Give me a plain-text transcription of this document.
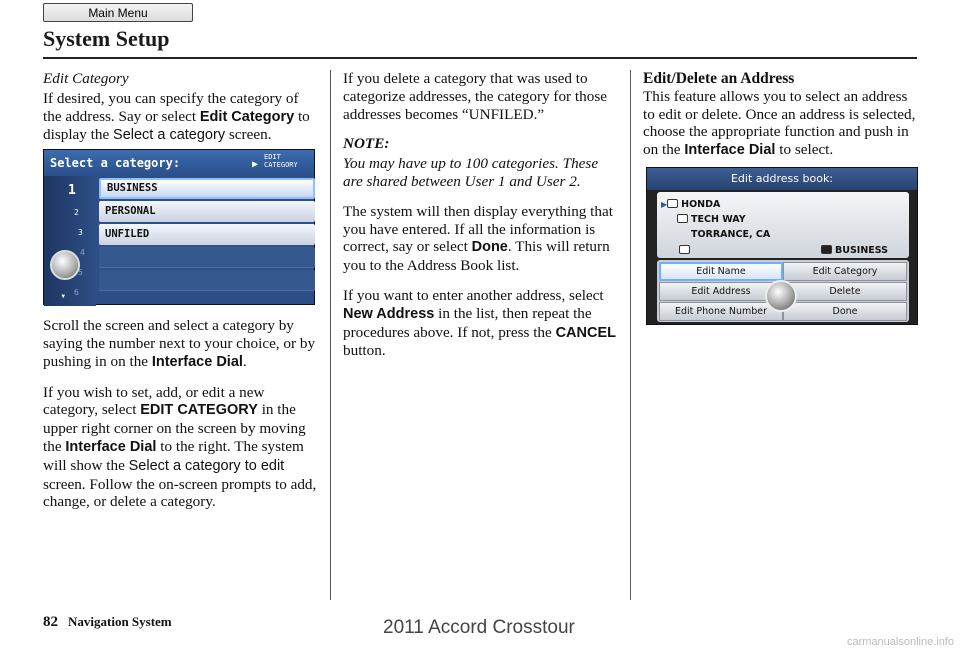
Main Menu
System Setup

Edit Category

If desired, you can specify the category of the address. Say or select Edit Category to display the Select a category screen.

Select a category:	▶
EDIT CATEGORY
1
2
3
4
5
6
▼
DOWN
BUSINESS
PERSONAL
UNFILED

Scroll the screen and select a category by saying the number next to your choice, or by pushing in on the Interface Dial.

If you wish to set, add, or edit a new category, select EDIT CATEGORY in the upper right corner on the screen by moving the Interface Dial to the right. The system will show the Select a category to edit screen. Follow the on-screen prompts to add, change, or delete a category.

If you delete a category that was used to categorize addresses, the category for those addresses becomes “UNFILED.”

NOTE:

You may have up to 100 categories. These are shared between User 1 and User 2.

The system will then display everything that you have entered. If all the information is correct, say or select Done. This will return you to the Address Book list.

If you want to enter another address, select New Address in the list, then repeat the procedures above. If not, press the CANCEL button.

Edit/Delete an Address

This feature allows you to select an address to edit or delete. Once an address is selected, choose the appropriate function and push in on the Interface Dial to select.

Edit address book:
▶ HONDA
TECH WAY
TORRANCE, CA
BUSINESS
Edit Name	Edit Category
Edit Address	Delete
Edit Phone Number	Done
82 Navigation System	2011 Accord Crosstour
carmanualsonline.info
